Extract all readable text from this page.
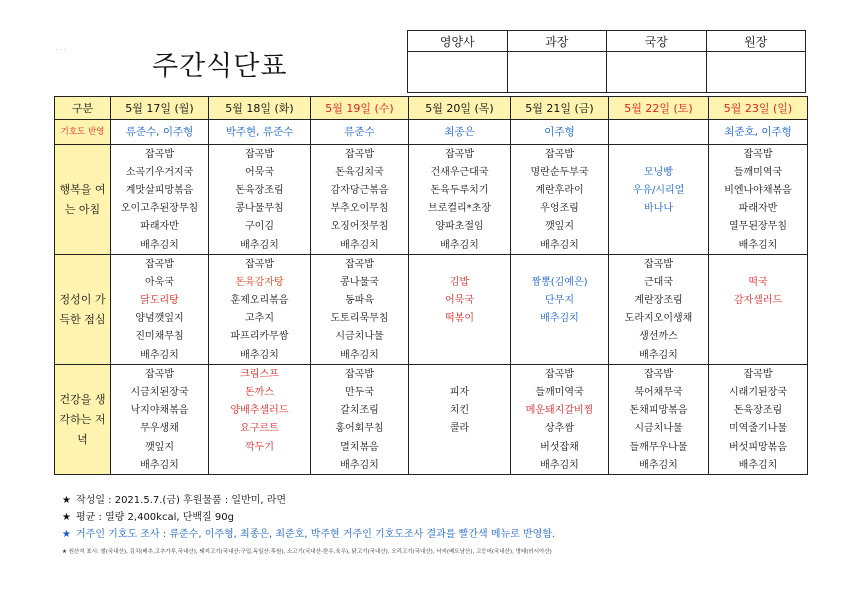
· · ·
주간식단표
영양사	과장	국장	원장

구분	5월 17일 (월)	5월 18일 (화)	5월 19일 (수)	5월 20일 (목)	5월 21일 (금)	5월 22일 (토)	5월 23일 (일)
기호도 반영	류준수, 이주형	박주현, 류준수	류준수	최종은	이주형		최준호, 이주형
행복을 여는 아침	잡곡밥	잡곡밥	잡곡밥	잡곡밥	잡곡밥		잡곡밥
	소곡기우거지국	어묵국	돈육김치국	건새우근대국	명란순두부국	모닝빵	들깨미역국
	계맛살피망볶음	돈육장조림	감자당근볶음	돈육두루치기	계란후라이	우유/시리얼	비엔나야채볶음
	오이고추된장무침	콩나물무침	부추오이무침	브로컬리*초장	우엉조림	바나나	파래자반
	파래자반	구이김	오징어젓무침	양파초절임	깻잎지		열무된장무침
	배추김치	배추김치	배추김치	배추김치	배추김치		배추김치
정성이 가득한 점심	잡곡밥	잡곡밥	잡곡밥			잡곡밥	
	아욱국	돈육감자탕	콩나물국	김밥	짬뽕(김예은)	근대국	떡국
	닭도리탕	훈제오리볶음	동파육	어묵국	단무지	계란장조림	감자샐러드
	양념깻잎지	고추지	도토리묵무침	떡볶이	배추김치	도라지오이생채	
	진미채무침	파프리카무쌈	시금치나물			생선까스	
	배추김치	배추김치	배추김치			배추김치	
건강을 생각하는 저녁	잡곡밥	크림스프	잡곡밥		잡곡밥	잡곡밥	잡곡밥
	시금치된장국	돈까스	만두국	피자	들깨미역국	북어채무국	시래기된장국
	낙지야채볶음	양배추샐러드	갈치조림	치킨	메운돼지갈비찜	돈채피망볶음	돈육장조림
	무우생채	요구르트	홍어회무침	콜라	상추쌈	시금치나물	미역줄기나물
	깻잎지	깍두기	멸치볶음		버섯잡채	들깨무우나물	버섯피망볶음
	배추김치		배추김치		배추김치	배추김치	배추김치
★ 작성일 : 2021.5.7.(금) 후원물품 : 일반미, 라면
★ 평균 : 열량 2,400kcal, 단백질 90g
★ 거주인 기호도 조사 : 류준수, 이주형, 최종은, 최준호, 박주현 거주인 기호도조사 결과를 빨간색 메뉴로 반영함.
★ 원산지 표시: 쌀(국내산), 김치(배추,고추가루,국내산), 돼지고기(국내산:구입,독일산:후원), 소고기(국내산-한우,육우), 닭고기(국내산), 오리고기(국내산), 낙지(베트남산), 고등어(국내산), 명태(러시아산)
